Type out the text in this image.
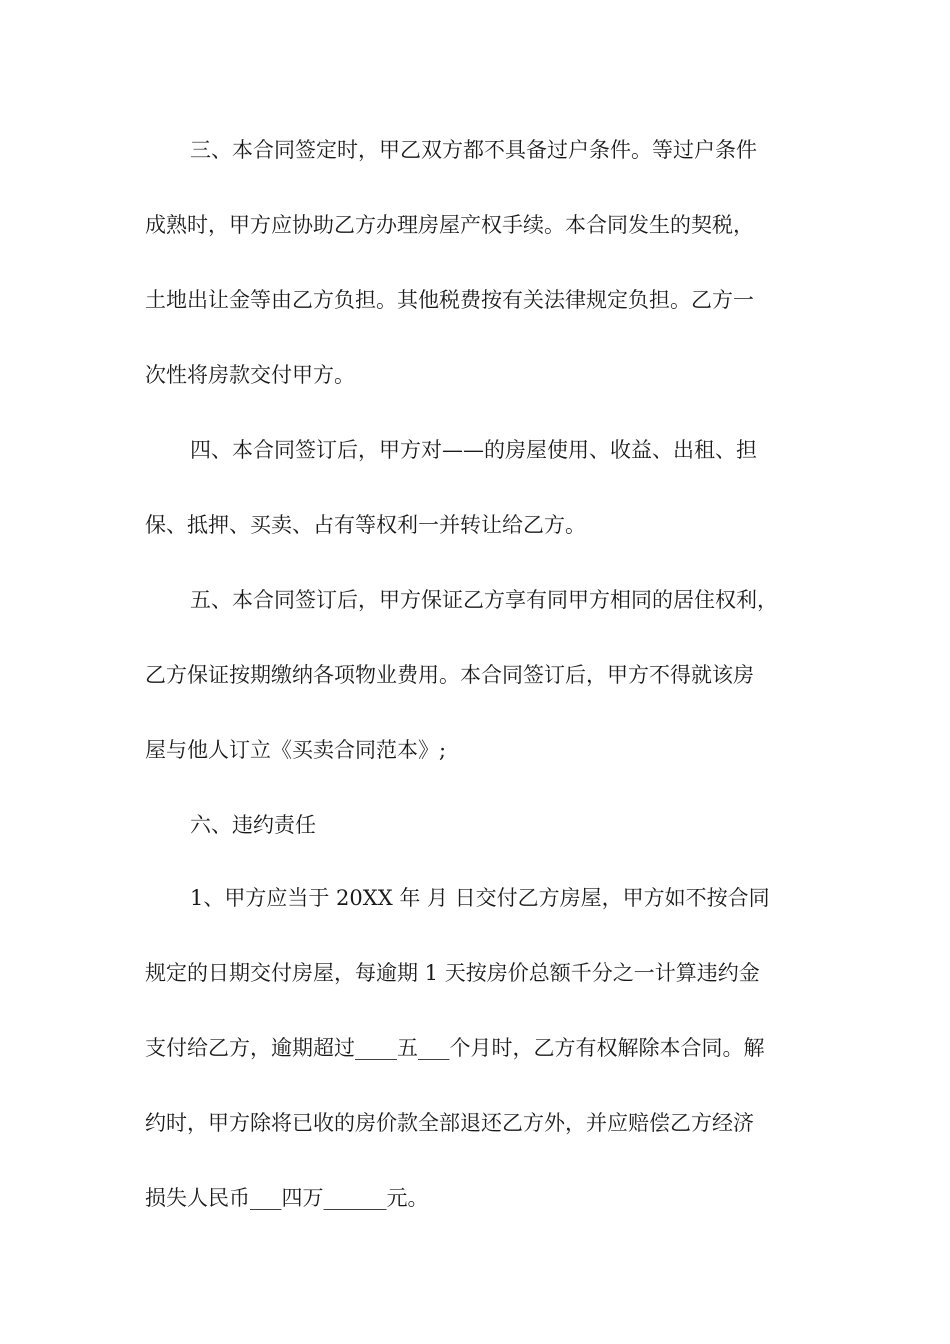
三、本合同签定时，甲乙双方都不具备过户条件。等过户条件
成熟时，甲方应协助乙方办理房屋产权手续。本合同发生的契税，
土地出让金等由乙方负担。其他税费按有关法律规定负担。乙方一
次性将房款交付甲方。
四、本合同签订后，甲方对——的房屋使用、收益、出租、担
保、抵押、买卖、占有等权利一并转让给乙方。
五、本合同签订后，甲方保证乙方享有同甲方相同的居住权利，
乙方保证按期缴纳各项物业费用。本合同签订后，甲方不得就该房
屋与他人订立《买卖合同范本》;
六、违约责任
1、甲方应当于 20XX 年 月 日交付乙方房屋，甲方如不按合同
规定的日期交付房屋，每逾期 1 天按房价总额千分之一计算违约金
支付给乙方，逾期超过____五___个月时，乙方有权解除本合同。解
约时，甲方除将已收的房价款全部退还乙方外，并应赔偿乙方经济
损失人民币___四万______元。
